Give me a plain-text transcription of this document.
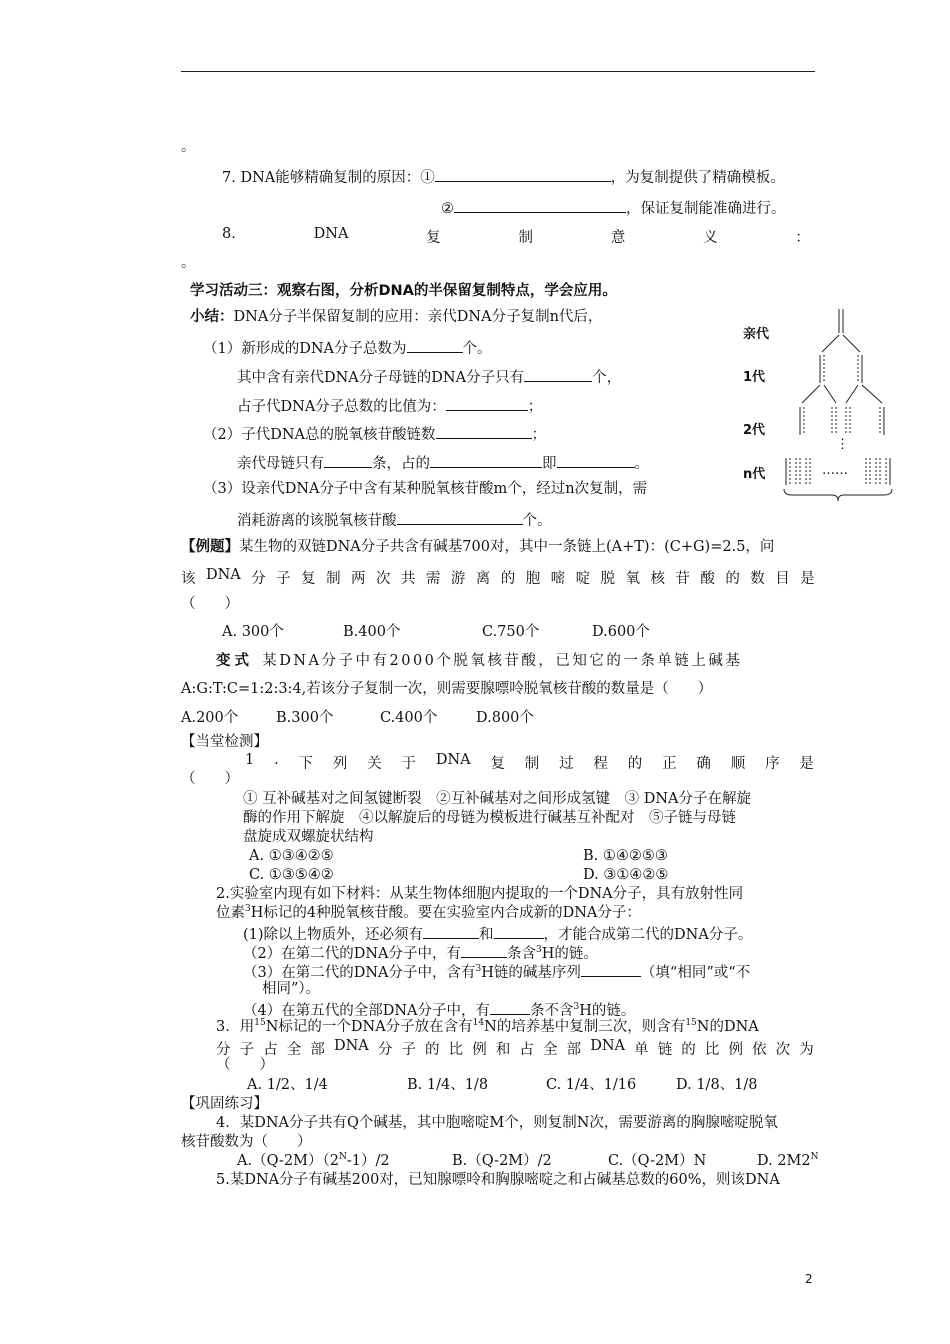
。
7. DNA能够精确复制的原因：①	，为复制提供了精确模板。
②	，保证复制能准确进行。
8.	DNA	复	制	意	义	：
。
学习活动三：观察右图，分析DNA的半保留复制特点，学会应用。
小结：DNA分子半保留复制的应用：亲代DNA分子复制n代后，
（1）新形成的DNA分子总数为	个。
其中含有亲代DNA分子母链的DNA分子只有	个，
占子代DNA分子总数的比值为：	；
（2）子代DNA总的脱氧核苷酸链数	；
亲代母链只有	条，占的	即	。
（3）设亲代DNA分子中含有某种脱氧核苷酸m个，经过n次复制，需
消耗游离的该脱氧核苷酸	个。
亲代
1代
2代
n代
⋮
……
【例题】某生物的双链DNA分子共含有碱基700对，其中一条链上(A+T)：(C+G)=2.5，问
该 DNA 分 子 复 制 两 次 共 需 游 离 的 胞 嘧 啶 脱 氧 核 苷 酸 的 数 目 是
（　　）
A. 300个	B.400个	C.750个	D.600个
变式 某DNA分子中有2000个脱氧核苷酸，已知它的一条单链上碱基
A:G:T:C=1:2:3:4,若该分子复制一次，则需要腺嘌呤脱氧核苷酸的数量是（　　）
A.200个	B.300个	C.400个	D.800个
【当堂检测】
1 . 下 列 关 于 DNA 复 制 过 程 的 正 确 顺 序 是
（　　）
① 互补碱基对之间氢键断裂　②互补碱基对之间形成氢键　③ DNA分子在解旋
酶的作用下解旋　④以解旋后的母链为模板进行碱基互补配对　⑤子链与母链
盘旋成双螺旋状结构
A. ①③④②⑤	B. ①④②⑤③
C. ①③⑤④②	D. ③①④②⑤
2.实验室内现有如下材料：从某生物体细胞内提取的一个DNA分子，具有放射性同
位素$^3$H标记的4种脱氧核苷酸。要在实验室内合成新的DNA分子：
(1)除以上物质外，还必须有	和	，才能合成第二代的DNA分子。
（2）在第二代的DNA分子中，有	条含$^3$H的链。
（3）在第二代的DNA分子中，含有$^3$H链的碱基序列	（填“相同”或“不
相同”）。
（4）在第五代的全部DNA分子中，有	条不含$^3$H的链。
3．用$^{15}$N标记的一个DNA分子放在含有$^{14}$N的培养基中复制三次，则含有$^{15}$N的DNA
分 子 占 全 部 DNA 分 子 的 比 例 和 占 全 部 DNA 单 链 的 比 例 依 次 为
（　　）
A. 1/2、1/4	B. 1/4、1/8	C. 1/4、1/16	D. 1/8、1/8
【巩固练习】
4．某DNA分子共有Q个碱基，其中胞嘧啶M个，则复制N次，需要游离的胸腺嘧啶脱氧
核苷酸数为（　　）
$A.(Q-2M)(2^N-1)/2$	B.（Q-2M）/2	C.（Q-2M）N	D. $2M2^N$
5.某DNA分子有碱基200对，已知腺嘌呤和胸腺嘧啶之和占碱基总数的60%，则该DNA
2
